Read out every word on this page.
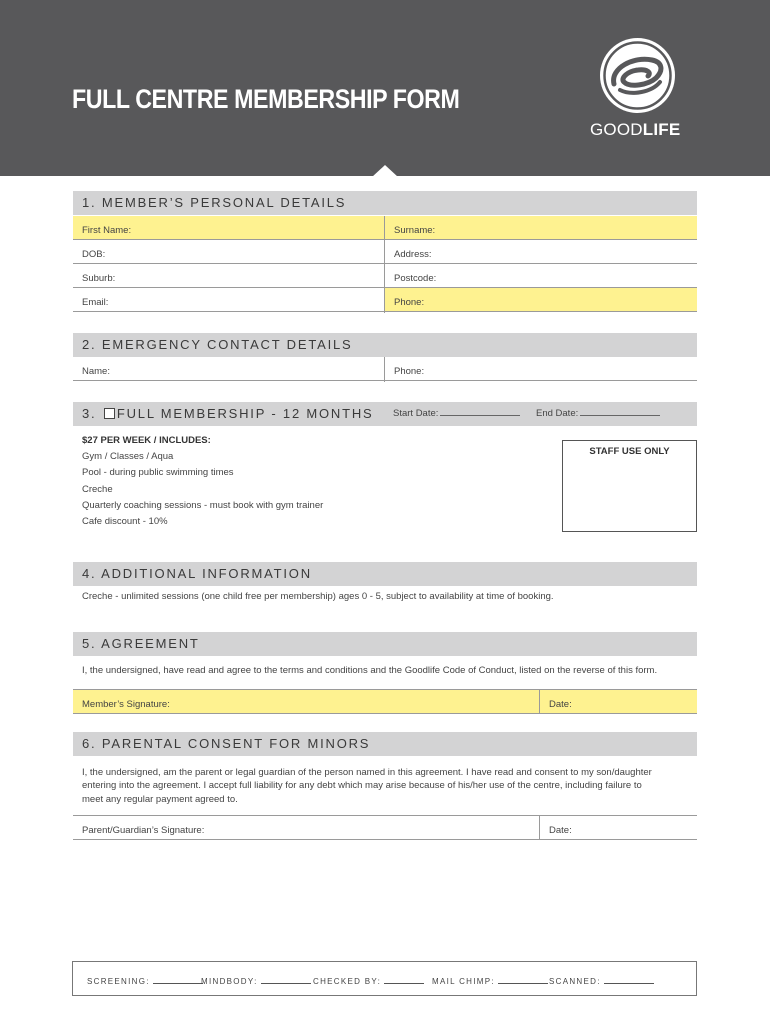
FULL CENTRE MEMBERSHIP FORM
GOODLIFE
1. MEMBER’S PERSONAL DETAILS
First Name:	Surname:
DOB:	Address:
Suburb:	Postcode:
Email:	Phone:
2. EMERGENCY CONTACT DETAILS
Name:	Phone:
3. FULL MEMBERSHIP - 12 MONTHS Start Date:	End Date:
$27 PER WEEK / INCLUDES:
Gym / Classes / Aqua
Pool - during public swimming times
Creche
Quarterly coaching sessions - must book with gym trainer
Cafe discount - 10%
STAFF USE ONLY
4. ADDITIONAL INFORMATION
Creche - unlimited sessions (one child free per membership) ages 0 - 5, subject to availability at time of booking.
5. AGREEMENT
I, the undersigned, have read and agree to the terms and conditions and the Goodlife Code of Conduct, listed on the reverse of this form.
Member’s Signature:	Date:
6. PARENTAL CONSENT FOR MINORS
I, the undersigned, am the parent or legal guardian of the person named in this agreement. I have read and consent to my son/daughter
entering into the agreement. I accept full liability for any debt which may arise because of his/her use of the centre, including failure to
meet any regular payment agreed to.
Parent/Guardian’s Signature:	Date:
SCREENING:	MINDBODY:	CHECKED BY:	MAIL CHIMP:	SCANNED:
